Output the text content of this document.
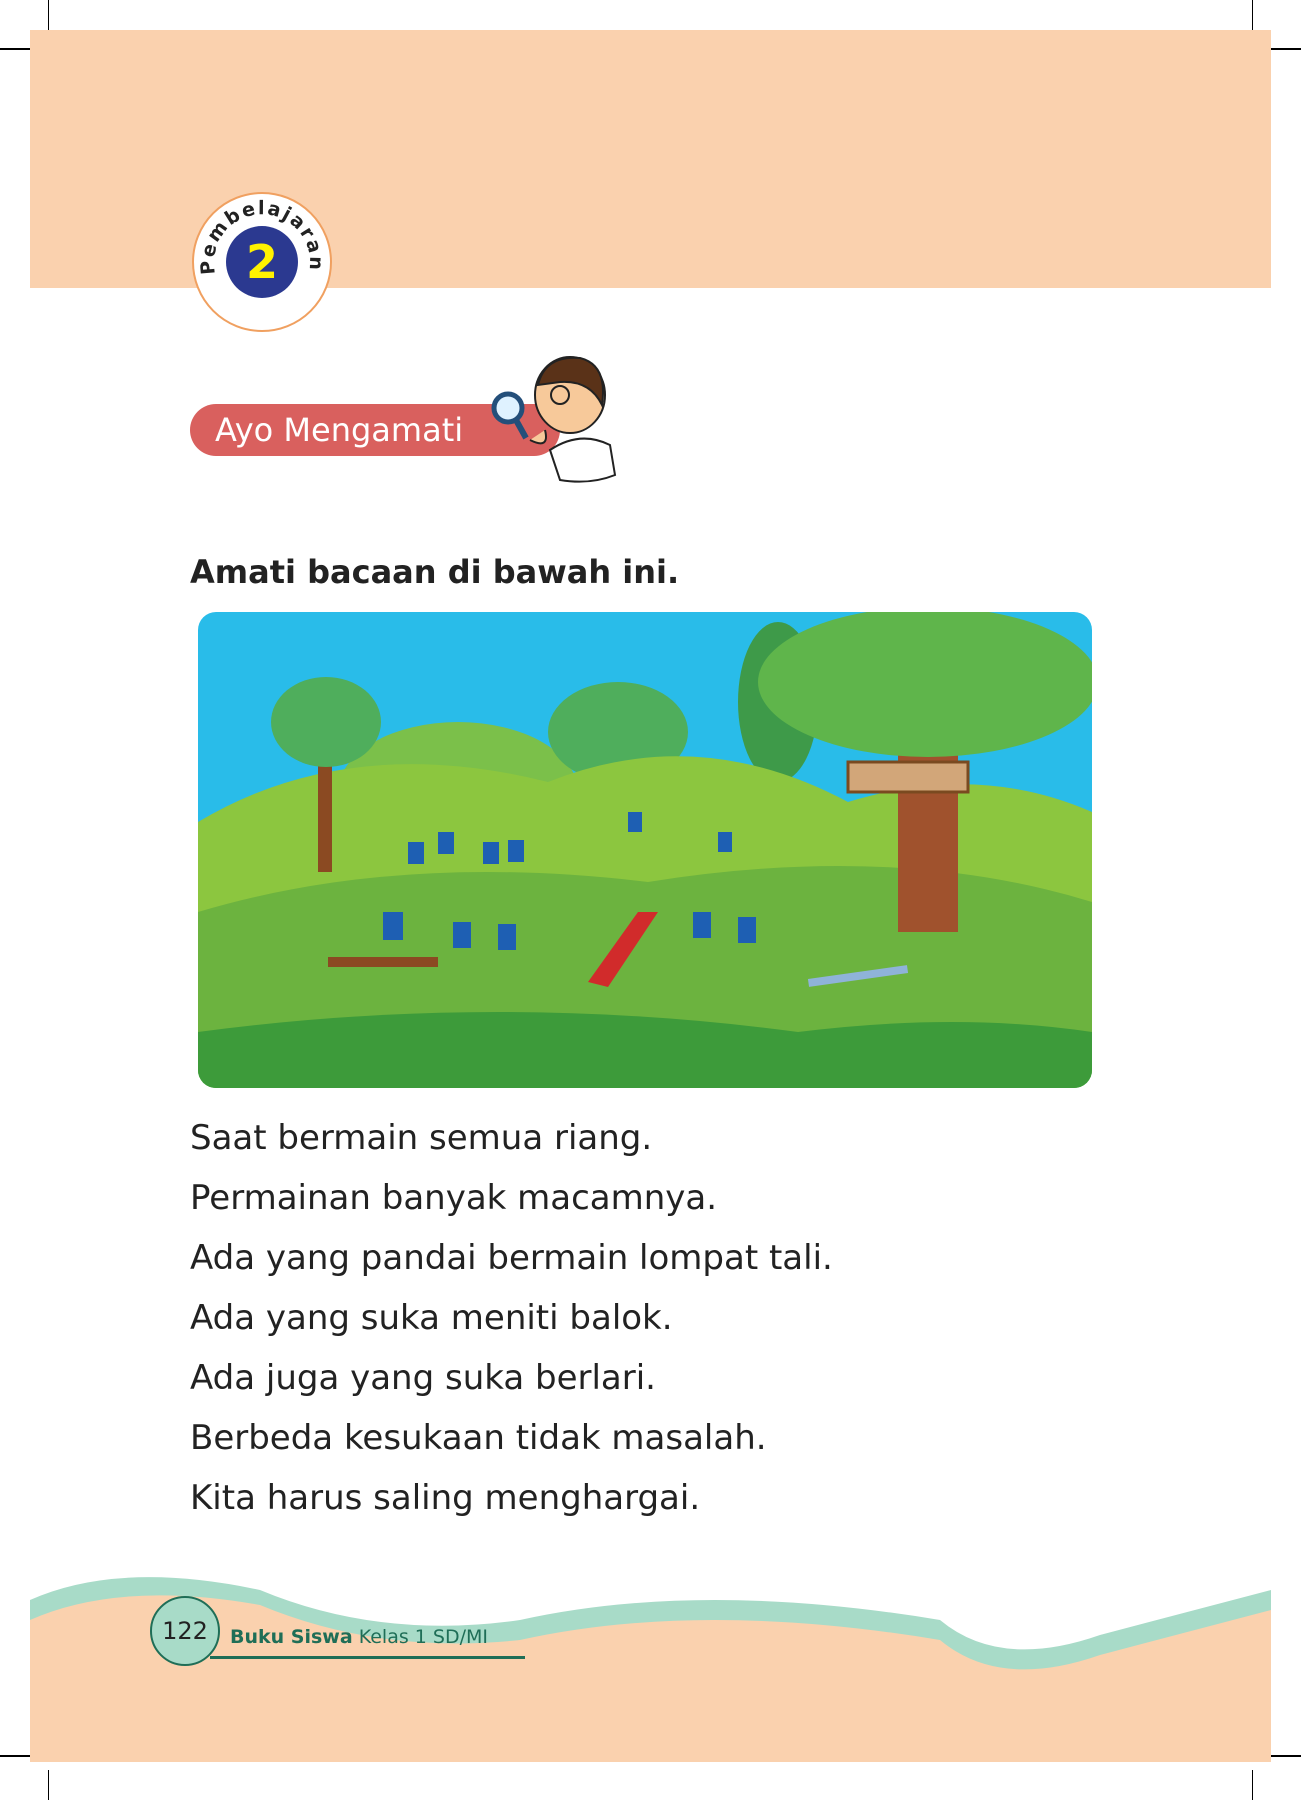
Pembelajaran
2
Ayo Mengamati
Amati bacaan di bawah ini.
Saat bermain semua riang.
Permainan banyak macamnya.
Ada yang pandai bermain lompat tali.
Ada yang suka meniti balok.
Ada juga yang suka berlari.
Berbeda kesukaan tidak masalah.
Kita harus saling menghargai.
122	Buku Siswa Kelas 1 SD/MI
